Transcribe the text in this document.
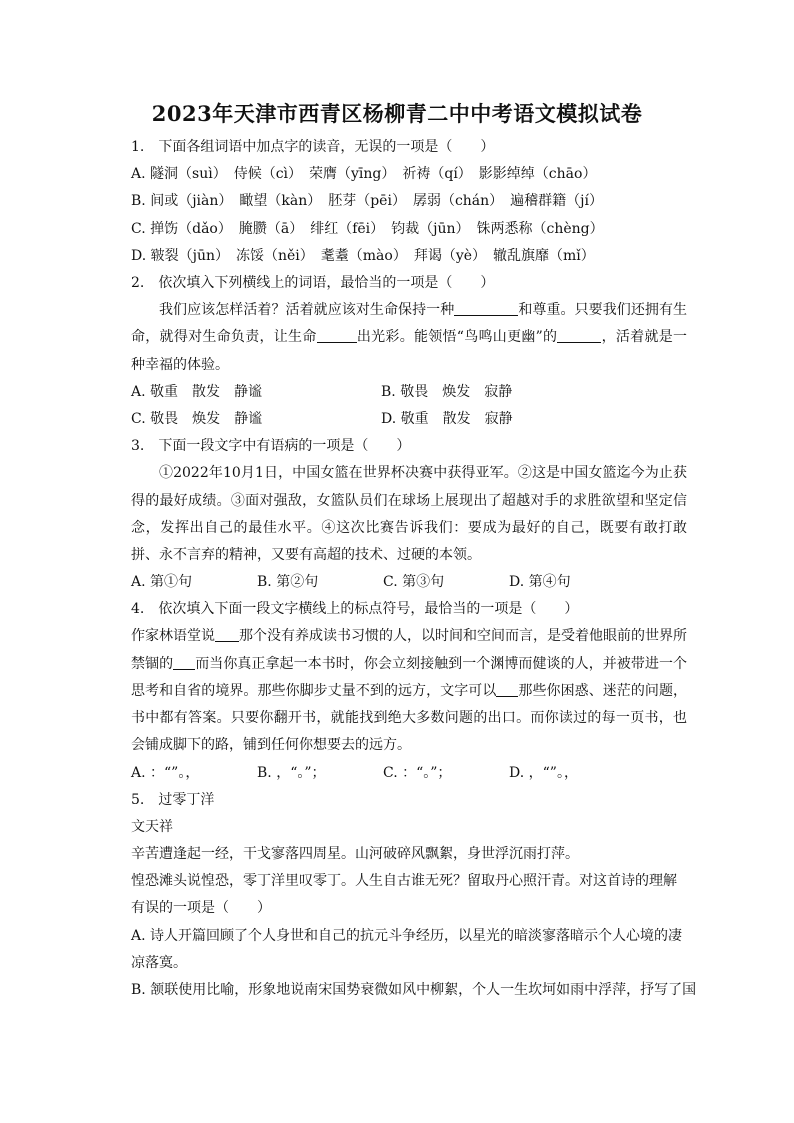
2023年天津市西青区杨柳青二中中考语文模拟试卷
1.　下面各组词语中加点字的读音，无误的一项是（　　）
A. 隧洞（suì）　侍候（cì）　荣膺（yīng）　祈祷（qí）　影影绰绰（chāo）
B. 间或（jiàn）　瞰望（kàn）　胚芽（pēi）　孱弱（chán）　遍稽群籍（jí）
C. 掸饬（dǎo）　腌臜（ā）　绯红（fēi）　钧裁（jūn）　铢两悉称（chèng）
D. 皲裂（jūn）　冻馁（něi）　耄耋（mào）　拜谒（yè）　辙乱旗靡（mǐ）
2.　依次填入下列横线上的词语，最恰当的一项是（　　）
我们应该怎样活着？活着就应该对生命保持一种	和尊重。只要我们还拥有生命，就得对生命负责，让生命	出光彩。能领悟“鸟鸣山更幽”的	，活着就是一种幸福的体验。
A. 敬重　散发　静谧	B. 敬畏　焕发　寂静
C. 敬畏　焕发　静谧	D. 敬重　散发　寂静
3.　下面一段文字中有语病的一项是（　　）
①2022年10月1日，中国女篮在世界杯决赛中获得亚军。②这是中国女篮迄今为止获得的最好成绩。③面对强敌，女篮队员们在球场上展现出了超越对手的求胜欲望和坚定信念，发挥出自己的最佳水平。④这次比赛告诉我们：要成为最好的自己，既要有敢打敢拼、永不言弃的精神，又要有高超的技术、过硬的本领。
A. 第①句	B. 第②句	C. 第③句	D. 第④句
4.　依次填入下面一段文字横线上的标点符号，最恰当的一项是（　　）
作家林语堂说 那个没有养成读书习惯的人，以时间和空间而言，是受着他眼前的世界所禁锢的 而当你真正拿起一本书时，你会立刻接触到一个渊博而健谈的人，并被带进一个思考和自省的境界。那些你脚步丈量不到的远方，文字可以 那些你困惑、迷茫的问题，书中都有答案。只要你翻开书，就能找到绝大多数问题的出口。而你读过的每一页书，也会铺成脚下的路，铺到任何你想要去的远方。
A. ：“”。，	B. ，“。”；	C. ：“。”；	D. ，“”。，
5.　过零丁洋
文天祥
辛苦遭逢起一经，干戈寥落四周星。山河破碎风飘絮，身世浮沉雨打萍。
惶恐滩头说惶恐，零丁洋里叹零丁。人生自古谁无死？留取丹心照汗青。对这首诗的理解有误的一项是（　　）
A. 诗人开篇回顾了个人身世和自己的抗元斗争经历，以星光的暗淡寥落暗示个人心境的凄凉落寞。
B. 颔联使用比喻，形象地说南宋国势衰微如风中柳絮，个人一生坎坷如雨中浮萍，抒写了国
